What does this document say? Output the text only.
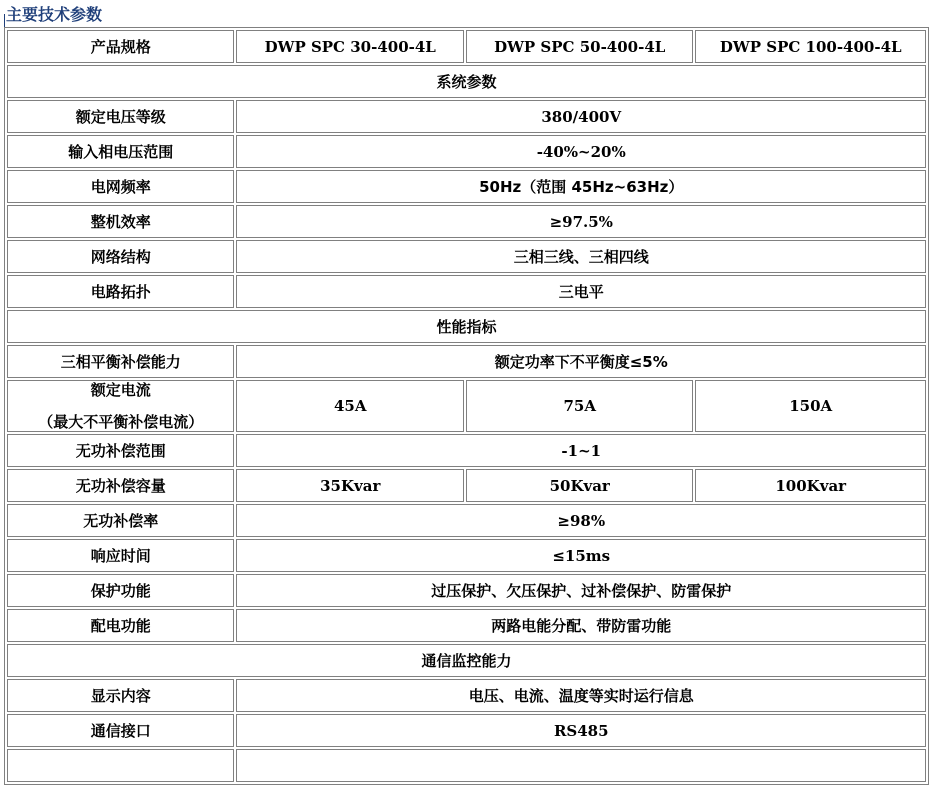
主要技术参数
产品规格	DWP SPC 30-400-4L	DWP SPC 50-400-4L	DWP SPC 100-400-4L
系统参数			
额定电压等级	380/400V		
输入相电压范围	-40%~20%		
电网频率	50Hz（范围 45Hz~63Hz）		
整机效率	≥97.5%		
网络结构	三相三线、三相四线		
电路拓扑	三电平		
性能指标			
三相平衡补偿能力	额定功率下不平衡度≤5%		

额定电流
（最大不平衡补偿电流）	45A	75A	150A
无功补偿范围	-1~1		
无功补偿容量	35Kvar	50Kvar	100Kvar
无功补偿率	≥98%		
响应时间	≤15ms		
保护功能	过压保护、欠压保护、过补偿保护、防雷保护		
配电功能	两路电能分配、带防雷功能		
通信监控能力			
显示内容	电压、电流、温度等实时运行信息		
通信接口	RS485		
